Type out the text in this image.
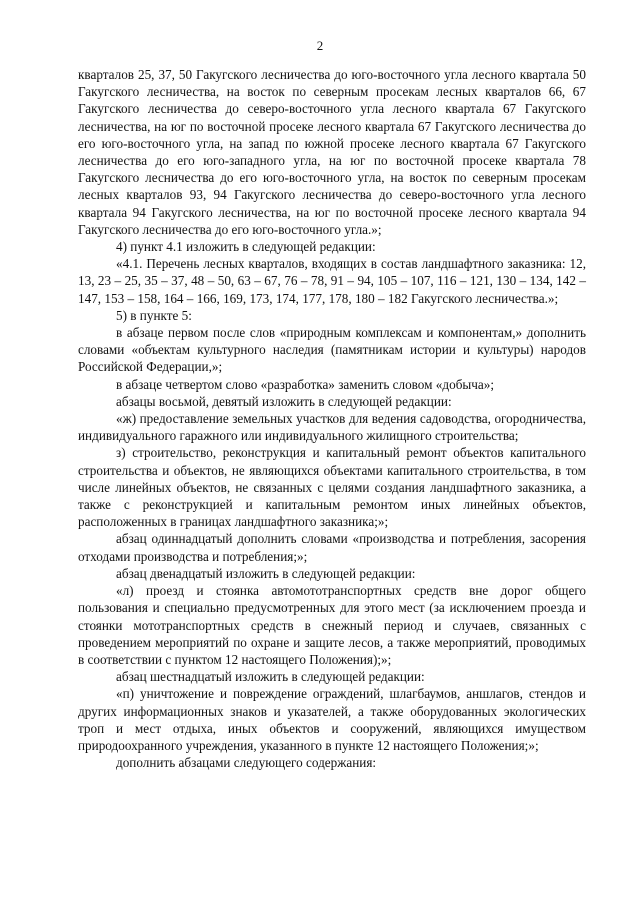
2

кварталов 25, 37, 50 Гакугского лесничества до юго-восточного угла лесного квартала 50 Гакугского лесничества, на восток по северным просекам лесных кварталов 66, 67 Гакугского лесничества до северо-восточного угла лесного квартала 67 Гакугского лесничества, на юг по восточной просеке лесного квартала 67 Гакугского лесничества до его юго-восточного угла, на запад по южной просеке лесного квартала 67 Гакугского лесничества до его юго-западного угла, на юг по восточной просеке квартала 78 Гакугского лесничества до его юго-восточного угла, на восток по северным просекам лесных кварталов 93, 94 Гакугского лесничества до северо-восточного угла лесного квартала 94 Гакугского лесничества, на юг по восточной просеке лесного квартала 94 Гакугского лесничества до его юго-восточного угла.»;

4) пункт 4.1 изложить в следующей редакции:

«4.1. Перечень лесных кварталов, входящих в состав ландшафтного заказника: 12, 13, 23 – 25, 35 – 37, 48 – 50, 63 – 67, 76 – 78, 91 – 94, 105 – 107, 116 – 121, 130 – 134, 142 – 147, 153 – 158, 164 – 166, 169, 173, 174, 177, 178, 180 – 182 Гакугского лесничества.»;

5) в пункте 5:

в абзаце первом после слов «природным комплексам и компонентам,» дополнить словами «объектам культурного наследия (памятникам истории и культуры) народов Российской Федерации,»;

в абзаце четвертом слово «разработка» заменить словом «добыча»;

абзацы восьмой, девятый изложить в следующей редакции:

«ж) предоставление земельных участков для ведения садоводства, огородничества, индивидуального гаражного или индивидуального жилищного строительства;

з) строительство, реконструкция и капитальный ремонт объектов капитального строительства и объектов, не являющихся объектами капитального строительства, в том числе линейных объектов, не связанных с целями создания ландшафтного заказника, а также с реконструкцией и капитальным ремонтом иных линейных объектов, расположенных в границах ландшафтного заказника;»;

абзац одиннадцатый дополнить словами «производства и потребления, засорения отходами производства и потребления;»;

абзац двенадцатый изложить в следующей редакции:

«л) проезд и стоянка автомототранспортных средств вне дорог общего пользования и специально предусмотренных для этого мест (за исключением проезда и стоянки мототранспортных средств в снежный период и случаев, связанных с проведением мероприятий по охране и защите лесов, а также мероприятий, проводимых в соответствии с пунктом 12 настоящего Положения);»;

абзац шестнадцатый изложить в следующей редакции:

«п) уничтожение и повреждение ограждений, шлагбаумов, аншлагов, стендов и других информационных знаков и указателей, а также оборудованных экологических троп и мест отдыха, иных объектов и сооружений, являющихся имуществом природоохранного учреждения, указанного в пункте 12 настоящего Положения;»;

дополнить абзацами следующего содержания:
